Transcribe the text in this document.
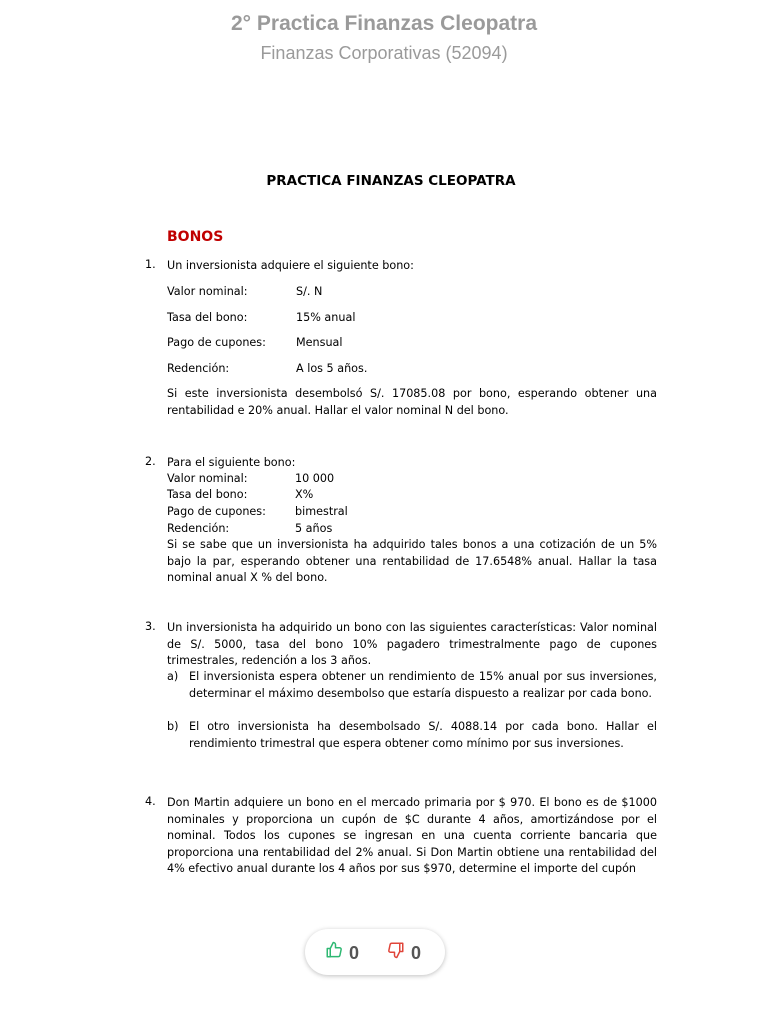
2° Practica Finanzas Cleopatra
Finanzas Corporativas (52094)
PRACTICA FINANZAS CLEOPATRA
BONOS
1. Un inversionista adquiere el siguiente bono:
Valor nominal:	S/. N
Tasa del bono:	15% anual
Pago de cupones:	Mensual
Redención:	A los 5 años.
Si este inversionista desembolsó S/. 17085.08 por bono, esperando obtener una rentabilidad e 20% anual. Hallar el valor nominal N del bono.
2. Para el siguiente bono:
Valor nominal:	10 000
Tasa del bono:	X%
Pago de cupones:	bimestral
Redención:	5 años
Si se sabe que un inversionista ha adquirido tales bonos a una cotización de un 5% bajo la par, esperando obtener una rentabilidad de 17.6548% anual. Hallar la tasa nominal anual X % del bono.
3. Un inversionista ha adquirido un bono con las siguientes características: Valor nominal de S/. 5000, tasa del bono 10% pagadero trimestralmente pago de cupones trimestrales, redención a los 3 años.
a) El inversionista espera obtener un rendimiento de 15% anual por sus inversiones, determinar el máximo desembolso que estaría dispuesto a realizar por cada bono.
b) El otro inversionista ha desembolsado S/. 4088.14 por cada bono. Hallar el rendimiento trimestral que espera obtener como mínimo por sus inversiones.
4. Don Martin adquiere un bono en el mercado primaria por $ 970. El bono es de $1000 nominales y proporciona un cupón de $C durante 4 años, amortizándose por el nominal. Todos los cupones se ingresan en una cuenta corriente bancaria que proporciona una rentabilidad del 2% anual. Si Don Martin obtiene una rentabilidad del 4% efectivo anual durante los 4 años por sus $970, determine el importe del cupón
0	0
